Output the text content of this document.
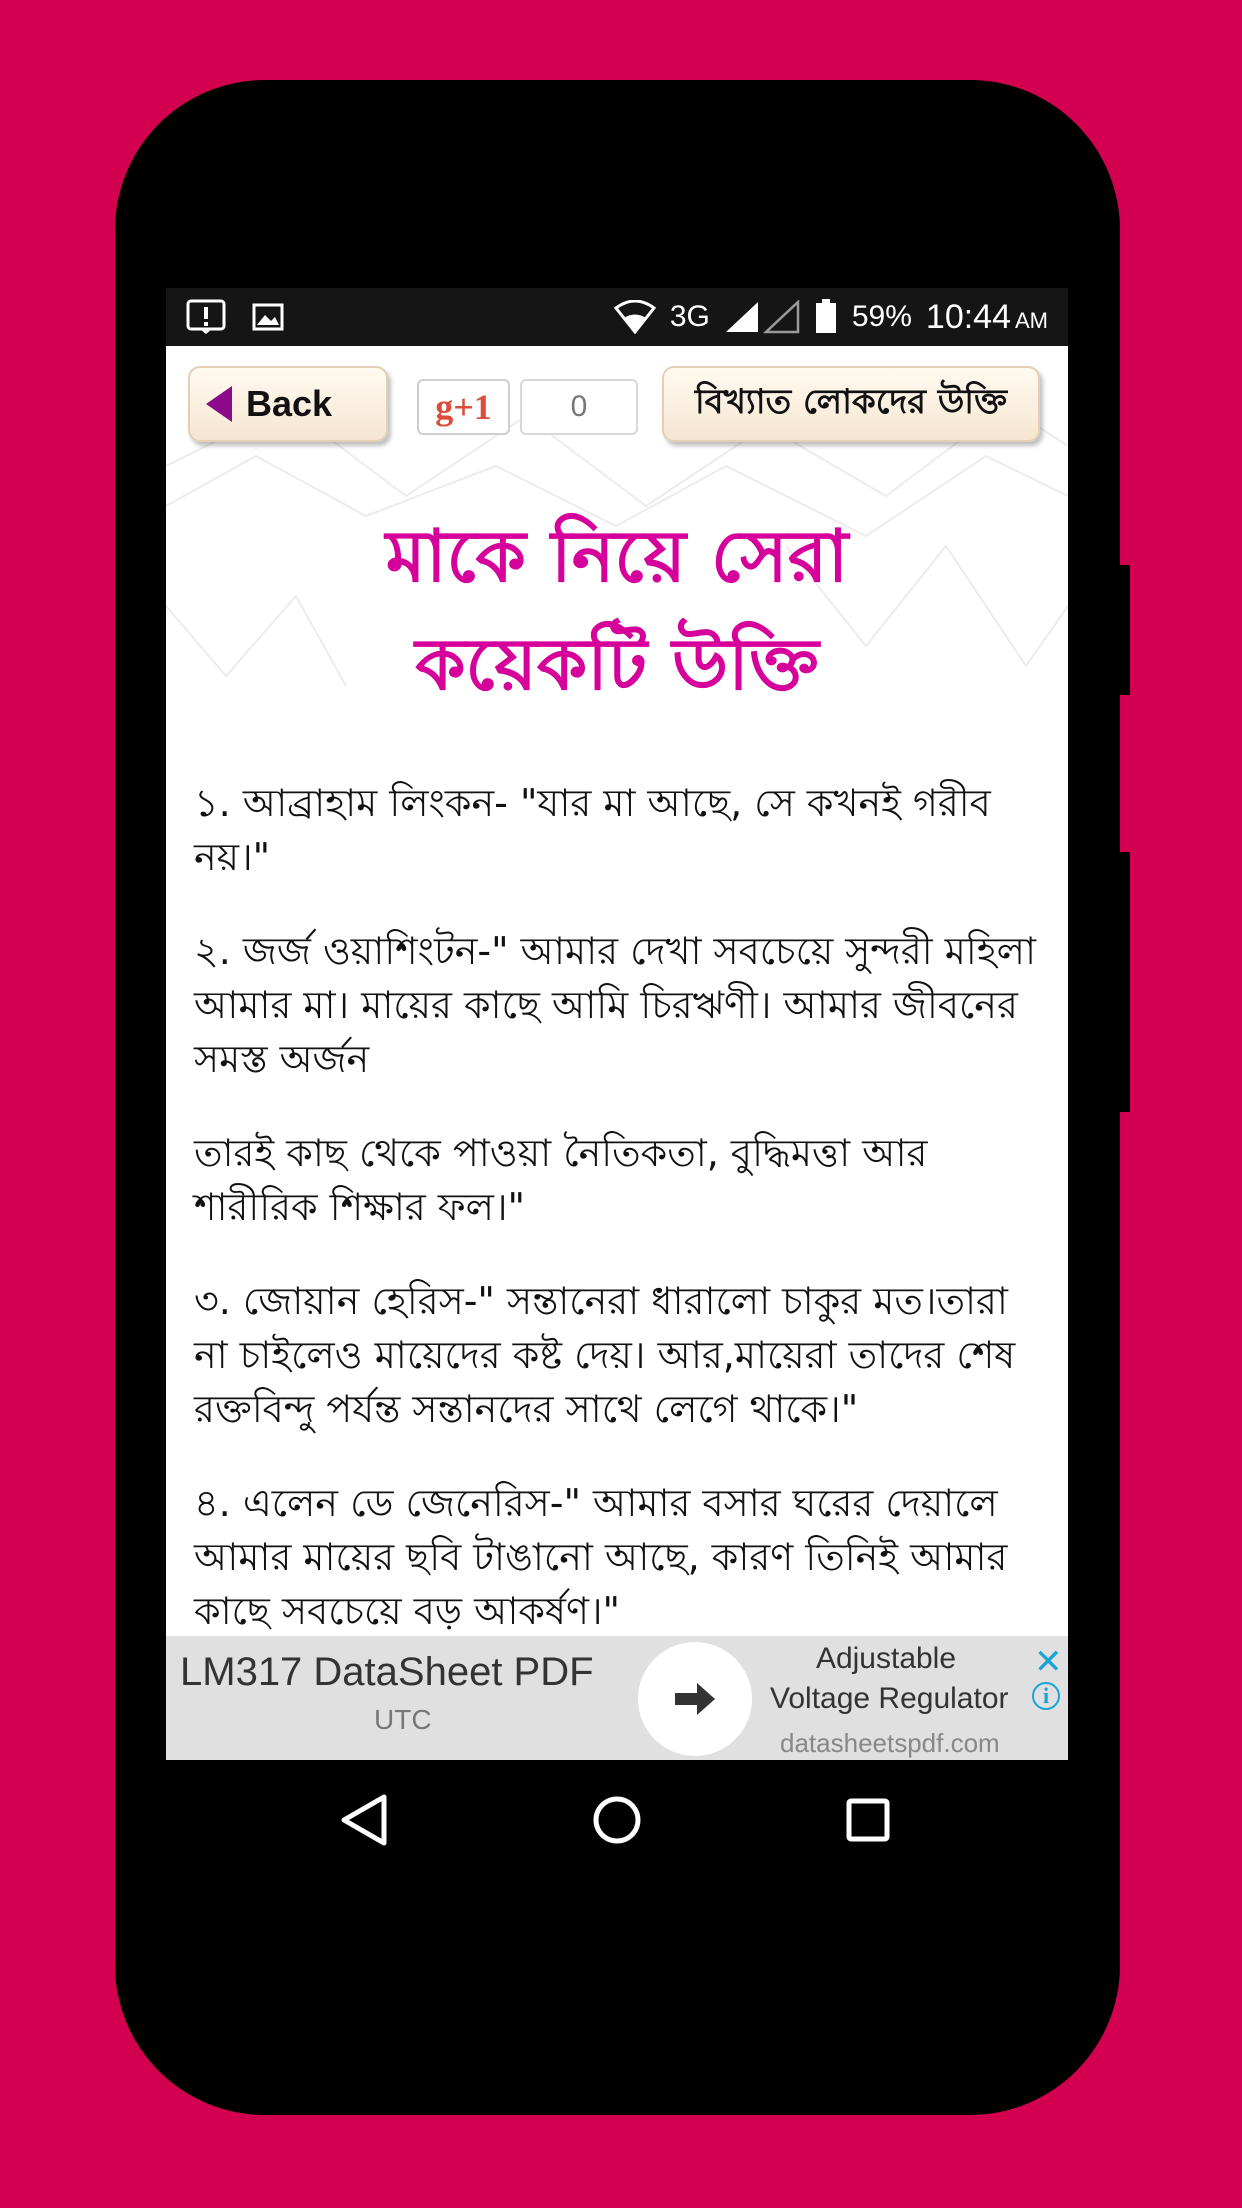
Back	g+1	0	বিখ্যাত লোকদের উক্তি
মাকে নিয়ে সেরা
কয়েকটি উক্তি

১. আব্রাহাম লিংকন- "যার মা আছে, সে কখনই গরীব নয়।"

২. জর্জ ওয়াশিংটন-" আমার দেখা সবচেয়ে সুন্দরী মহিলা আমার মা। মায়ের কাছে আমি চিরঋণী। আমার জীবনের সমস্ত অর্জন

তারই কাছ থেকে পাওয়া নৈতিকতা, বুদ্ধিমত্তা আর শারীরিক শিক্ষার ফল।"

৩. জোয়ান হেরিস-" সন্তানেরা ধারালো চাকুর মত।তারা না চাইলেও মায়েদের কষ্ট দেয়। আর,মায়েরা তাদের শেষ রক্তবিন্দু পর্যন্ত সন্তানদের সাথে লেগে থাকে।"

৪. এলেন ডে জেনেরিস-" আমার বসার ঘরের দেয়ালে আমার মায়ের ছবি টাঙানো আছে, কারণ তিনিই আমার কাছে সবচেয়ে বড় আকর্ষণ।"

LM317 DataSheet PDF
UTC
Adjustable
Voltage Regulator
datasheetspdf.com
✕
i
3G	59% 10:44 AM
